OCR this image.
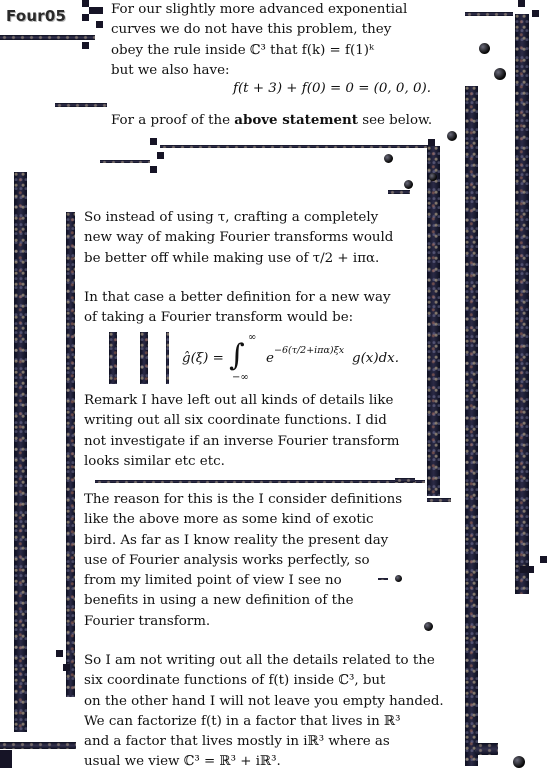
Four05	For our slightly more advanced exponential
curves we do not have this problem, they
obey the rule inside ℂ³ that f(k) = f(1)ᵏ
but we also have:
f(t + 3) + f(0) = 0 = (0, 0, 0).
For a proof of the above statement see below.
So instead of using τ, crafting a completely
new way of making Fourier transforms would
be better off while making use of τ/2 + iπα.
In that case a better definition for a new way
of taking a Fourier transform would be:
ĝ(ξ) = ∫
∞
−∞
e
−6(τ/2+iπα)ξx
g(x)dx.
Remark I have left out all kinds of details like
writing out all six coordinate functions. I did
not investigate if an inverse Fourier transform
looks similar etc etc.
The reason for this is the I consider definitions
like the above more as some kind of exotic
bird. As far as I know reality the present day
use of Fourier analysis works perfectly, so
from my limited point of view I see no
benefits in using a new definition of the
Fourier transform.
So I am not writing out all the details related to the
six coordinate functions of f(t) inside ℂ³, but
on the other hand I will not leave you empty handed.
We can factorize f(t) in a factor that lives in ℝ³
and a factor that lives mostly in iℝ³ where as
usual we view ℂ³ = ℝ³ + iℝ³.
